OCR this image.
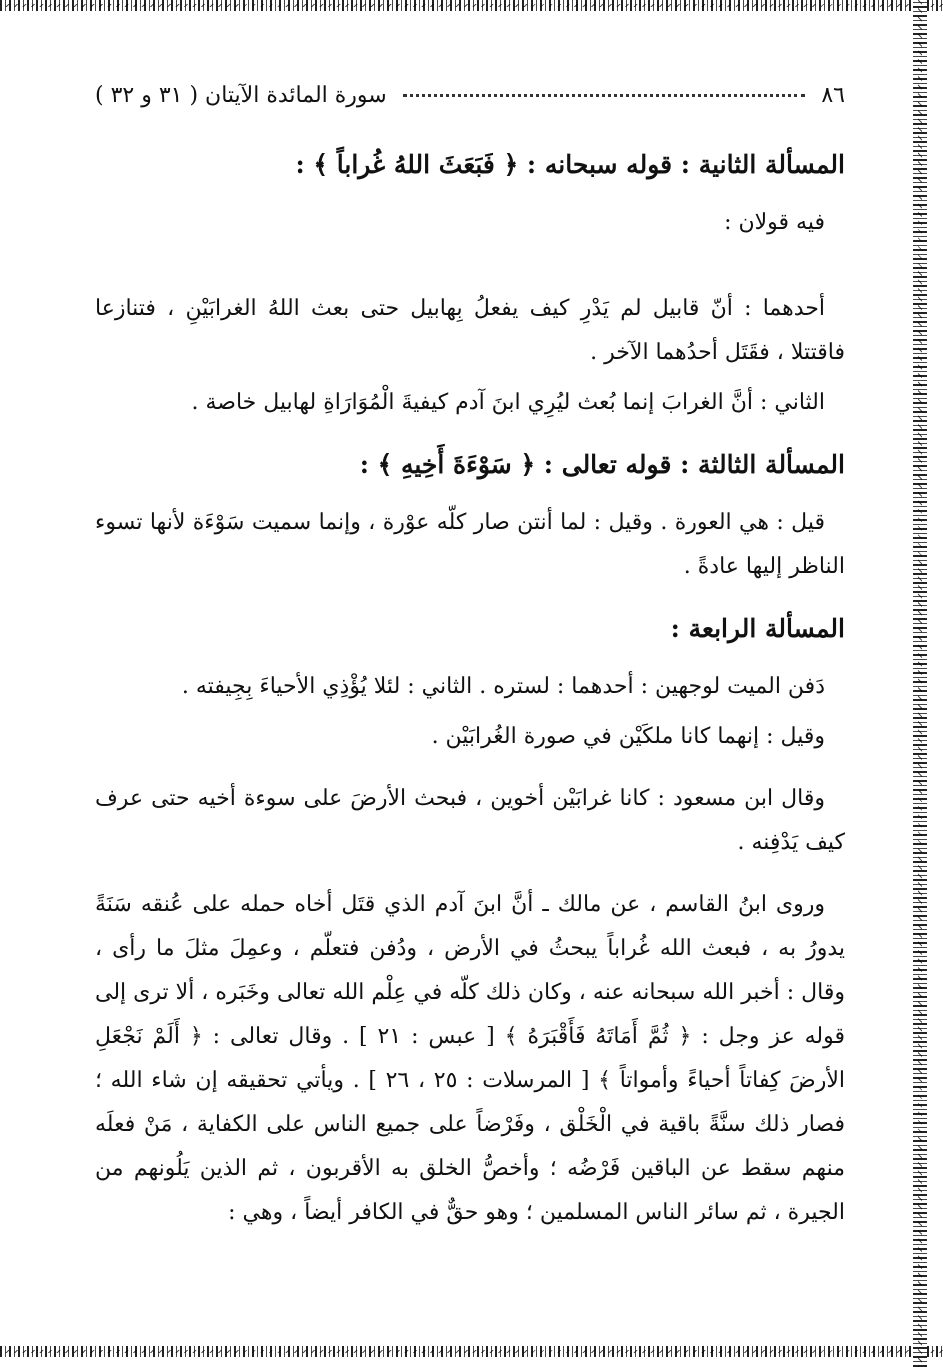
٨٦
سورة المائدة الآيتان ( ٣١ و ٣٢ )
المسألة الثانية : قوله سبحانه : ﴿ فَبَعَثَ اللهُ غُراباً ﴾ :

فيه قولان :

أحدهما : أنّ قابيل لم يَدْرِ كيف يفعلُ بِهابيل حتى بعث اللهُ الغرابَيْنِ ، فتنازعا فاقتتلا ، فقَتَل أحدُهما الآخر .

الثاني : أنَّ الغرابَ إنما بُعث ليُرِي ابنَ آدم كيفيةَ الْمُوَارَاةِ لهابيل خاصة .

المسألة الثالثة : قوله تعالى : ﴿ سَوْءَةَ أَخِيهِ ﴾ :

قيل : هي العورة . وقيل : لما أنتن صار كلّه عوْرة ، وإنما سميت سَوْءَة لأنها تسوء الناظر إليها عادةً .

المسألة الرابعة :

دَفن الميت لوجهين : أحدهما : لستره . الثاني : لئلا يُؤْذِي الأحياءَ بِجِيفته .

وقيل : إنهما كانا ملكَيْن في صورة الغُرابَيْن .

وقال ابن مسعود : كانا غرابَيْن أخوين ، فبحث الأرضَ على سوءة أخيه حتى عرف كيف يَدْفِنه .

وروى ابنُ القاسم ، عن مالك ـ أنَّ ابنَ آدم الذي قتَل أخاه حمله على عُنقه سَنَةً يدورُ به ، فبعث الله غُراباً يبحثُ في الأرض ، ودُفن فتعلّم ، وعمِلَ مثلَ ما رأى ، وقال : أخبر الله سبحانه عنه ، وكان ذلك كلّه في عِلْم الله تعالى وخَبَره ، ألا ترى إلى قوله عز وجل : ﴿ ثُمَّ أَمَاتَهُ فَأَقْبَرَهُ ﴾ [ عبس : ٢١ ] . وقال تعالى : ﴿ أَلَمْ نَجْعَلِ الأرضَ كِفاتاً أحياءً وأمواتاً ﴾ [ المرسلات : ٢٥ ، ٢٦ ] . ويأتي تحقيقه إن شاء الله ؛ فصار ذلك سنَّةً باقية في الْخَلْق ، وفَرْضاً على جميع الناس على الكفاية ، مَنْ فعلَه منهم سقط عن الباقين فَرْضُه ؛ وأخصُّ الخلق به الأقربون ، ثم الذين يَلُونهم من الجيرة ، ثم سائر الناس المسلمين ؛ وهو حقٌّ في الكافر أيضاً ، وهي :
